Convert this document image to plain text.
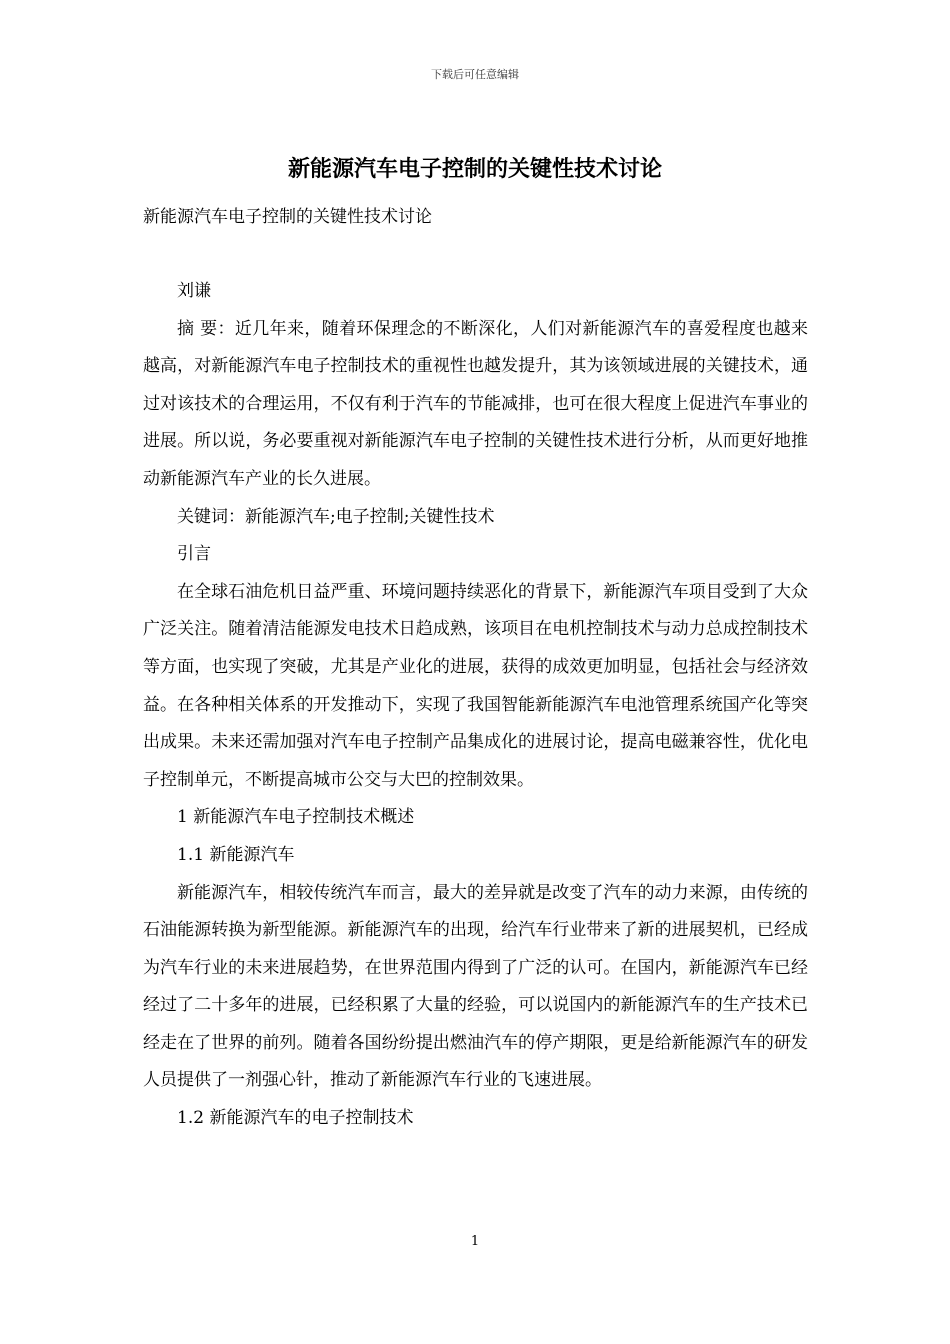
下载后可任意编辑
新能源汽车电子控制的关键性技术讨论

新能源汽车电子控制的关键性技术讨论

刘谦

摘 要：近几年来，随着环保理念的不断深化，人们对新能源汽车的喜爱程度也越来越高，对新能源汽车电子控制技术的重视性也越发提升，其为该领域进展的关键技术，通过对该技术的合理运用，不仅有利于汽车的节能减排，也可在很大程度上促进汽车事业的进展。所以说，务必要重视对新能源汽车电子控制的关键性技术进行分析，从而更好地推动新能源汽车产业的长久进展。

关键词：新能源汽车;电子控制;关键性技术

引言

在全球石油危机日益严重、环境问题持续恶化的背景下，新能源汽车项目受到了大众广泛关注。随着清洁能源发电技术日趋成熟，该项目在电机控制技术与动力总成控制技术等方面，也实现了突破，尤其是产业化的进展，获得的成效更加明显，包括社会与经济效益。在各种相关体系的开发推动下，实现了我国智能新能源汽车电池管理系统国产化等突出成果。未来还需加强对汽车电子控制产品集成化的进展讨论，提高电磁兼容性，优化电子控制单元，不断提高城市公交与大巴的控制效果。

1 新能源汽车电子控制技术概述

1.1 新能源汽车

新能源汽车，相较传统汽车而言，最大的差异就是改变了汽车的动力来源，由传统的石油能源转换为新型能源。新能源汽车的出现，给汽车行业带来了新的进展契机，已经成为汽车行业的未来进展趋势，在世界范围内得到了广泛的认可。在国内，新能源汽车已经经过了二十多年的进展，已经积累了大量的经验，可以说国内的新能源汽车的生产技术已经走在了世界的前列。随着各国纷纷提出燃油汽车的停产期限，更是给新能源汽车的研发人员提供了一剂强心针，推动了新能源汽车行业的飞速进展。

1.2 新能源汽车的电子控制技术

1
